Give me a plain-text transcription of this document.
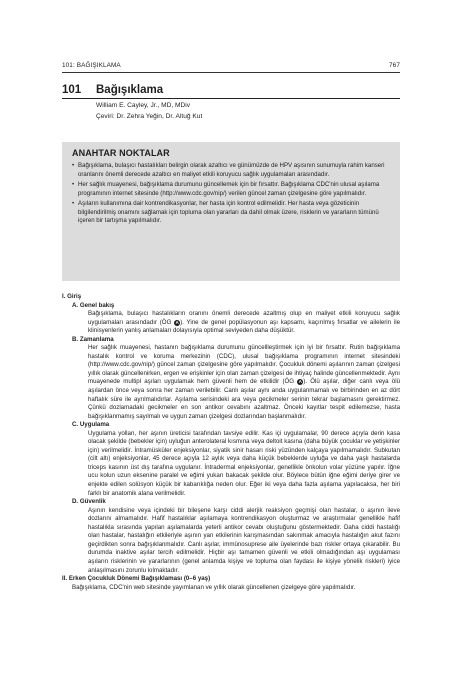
101: BAĞIŞIKLAMA	767
101 Bağışıklama
William E. Cayley, Jr., MD, MDiv
Çeviri: Dr. Zehra Yeğin, Dr. Altuğ Kut
ANAHTAR NOKTALAR
• Bağışıklama, bulaşıcı hastalıkları belirgin olarak azaltıcı ve günümüzde de HPV aşısının sunumuyla rahim kanseri oranlarını önemli derecede azaltıcı en maliyet etkili koruyucu sağlık uygulamaları arasındadır.
• Her sağlık muayenesi, bağışıklama durumunu güncellemek için bir fırsattır. Bağışıklama CDC'nin ulusal aşılama programının internet sitesinde (http://www.cdc.gov/nip/) verilen güncel zaman çizelgesine göre yapılmalıdır.
• Aşıların kullanımına dair kontrendikasyonlar, her hasta için kontrol edilmelidir. Her hasta veya gözeticinin bilgilendirilmiş onamını sağlamak için topluma olan yararları da dahil olmak üzere, risklerin ve yararların tümünü içeren bir tartışma yapılmalıdır.
I. Giriş
A. Genel bakış
Bağışıklama, bulaşıcı hastalıkların oranını önemli derecede azaltmış olup en maliyet etkili koruyucu sağlık uygulamaları arasındadır (ÖG A). Yine de genel popülasyonun aşı kapsamı, kaçırılmış fırsatlar ve ailelerin ile klinisyenlerin yanlış anlamaları dolayısıyla optimal seviyeden daha düşüktür.
B. Zamanlama
Her sağlık muayenesi, hastanın bağışıklama durumunu güncellleştirmek için iyi bir fırsattır. Rutin bağışıklama hastalık kontrol ve koruma merkezinin (CDC), ulusal bağışıklama programının internet sitesindeki (http://www.cdc.gov/nip/) güncel zaman çizelgesine göre yapılmalıdır. Çocukluk dönemi aşılarının zaman çizelgesi yıllık olarak güncellenirken, ergen ve erişkinler için olan zaman çizelgesi de ihtiyaç halinde güncellenmektedir. Aynı muayenede multipl aşıları uygulamak hem güvenli hem de etkilidir (ÖG A). Ölü aşılar, diğer canlı veya ölü aşılardan önce veya sonra her zaman verilebilir. Canlı aşılar aynı anda uygulanmamalı ve birbirinden en az dört haftalık süre ile ayrılmalıdırlar. Aşılama serisindeki ara veya gecikmeler serinin tekrar başlamasını gerektirmez. Çünkü dozlamadaki gecikmeler en son antikor cevabını azaltmaz. Önceki kayıtlar tespit edilemezse, hasta bağışıklanmamış sayılmalı ve uygun zaman çizelgesi dozlarından başlanmalıdır.
C. Uygulama
Uygulama yolları, her aşının üreticisi tarafından tavsiye edilir. Kas içi uygulamalar, 90 derece açıyla derin kasa olacak şekilde (bebekler için) uyluğun anterolateral kısmına veya deltoit kasına (daha büyük çocuklar ve yetişkinler için) verilmelidir. İntramüsküler enjeksiyonlar, siyatik sinir hasarı riski yüzünden kalçaya yapılmamalıdır. Subkutan (cilt altı) enjeksiyonlar, 45 derece açıyla 12 aylık veya daha küçük bebeklerde uyluğa ve daha yaşlı hastalarda triceps kasının üst dış tarafına uygulanır. İntradermal enjeksiyonlar, genellikle önkolun volar yüzüne yapılır. İğne ucu kolun uzun eksenine paralel ve eğimi yukarı bakacak şekilde olur. Böylece bütün iğne eğimi deriye girer ve enjekte edilen solüsyon küçük bir kabarıklığa neden olur. Eğer iki veya daha fazla aşılama yapılacaksa, her biri farklı bir anatomik alana verilmelidir.
D. Güvenlik
Aşının kendisine veya içindeki bir bileşene karşı ciddi alerjik reaksiyon geçmişi olan hastalar, o aşının ileve dozlarını almamalıdır. Hafif hastalıklar aşılamaya kontrendikasyon oluşturmaz ve araştırmalar genellikle hafif hastalıkla sırasında yapılan aşılamalarda yeterli antikor cevabı oluştuğunu göstermektedir. Daha ciddi hastalığı olan hastalar, hastalığın etkileriyle aşının yan etkilerinin karışmasından sakınmak amacıyla hastalığın akut fazını geçirdikten sonra bağışıklanmalıdır. Canlı aşılar, immünosuprese aile üyelerinde bazı riskler ortaya çıkarabilir. Bu durumda inaktive aşılar tercih edilmelidir. Hiçbir aşı tamamen güvenli ve etkili olmadığından aşı uygulaması aşıların risklerinin ve yararlarının (genel anlamda kişiye ve topluma olan faydası ile kişiye yönelik riskleri) iyice anlaşılmasını zorunlu kılmaktadır.
II. Erken Çocukluk Dönemi Bağışıklaması (0–6 yaş)
Bağışıklama, CDC'nin web sitesinde yayımlanan ve yıllık olarak güncellenen çizelgeye göre yapılmalıdır.
